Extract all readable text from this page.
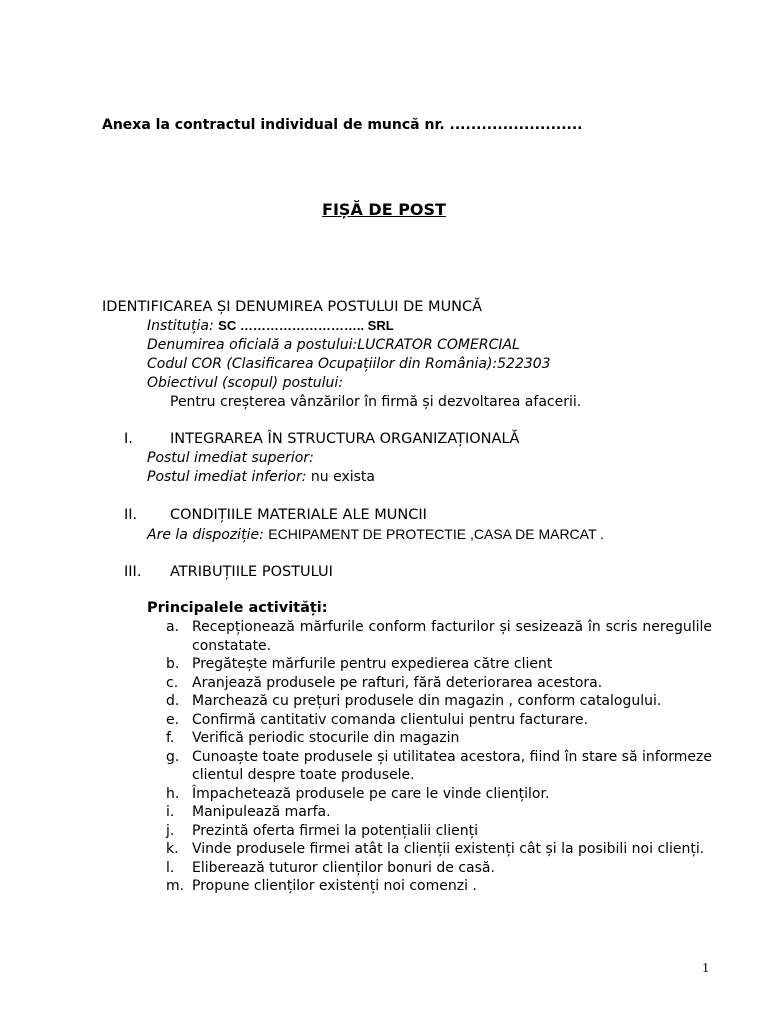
Anexa la contractul individual de muncă nr. .........................
FIȘĂ DE POST
IDENTIFICAREA ȘI DENUMIREA POSTULUI DE MUNCĂ
Instituția: SC ……………………….. SRL
Denumirea oficială a postului:LUCRATOR COMERCIAL
Codul COR (Clasificarea Ocupațiilor din România):522303
Obiectivul (scopul) postului:
Pentru creșterea vânzărilor în firmă și dezvoltarea afacerii.
I.	INTEGRAREA ÎN STRUCTURA ORGANIZAȚIONALĂ
Postul imediat superior:
Postul imediat inferior: nu exista
II.	CONDIȚIILE MATERIALE ALE MUNCII
Are la dispoziție: ECHIPAMENT DE PROTECTIE ,CASA DE MARCAT .
III.	ATRIBUȚIILE POSTULUI
Principalele activități:
a. Recepționează mărfurile conform facturilor și sesizează în scris neregulile constatate.
b. Pregătește mărfurile pentru expedierea către client
c. Aranjează produsele pe rafturi, fără deteriorarea acestora.
d. Marchează cu prețuri produsele din magazin , conform catalogului.
e. Confirmă cantitativ comanda clientului pentru facturare.
f.	Verifică periodic stocurile din magazin
g. Cunoaște toate produsele și utilitatea acestora, fiind în stare să informeze clientul despre toate produsele.
h. Împachetează produsele pe care le vinde clienților.
i.	Manipulează marfa.
j.	Prezintă oferta firmei la potențialii clienți
k. Vinde produsele firmei atât la clienții existenți cât și la posibili noi clienți.
l.	Eliberează tuturor clienților bonuri de casă.
m. Propune clienților existenți noi comenzi .
1
